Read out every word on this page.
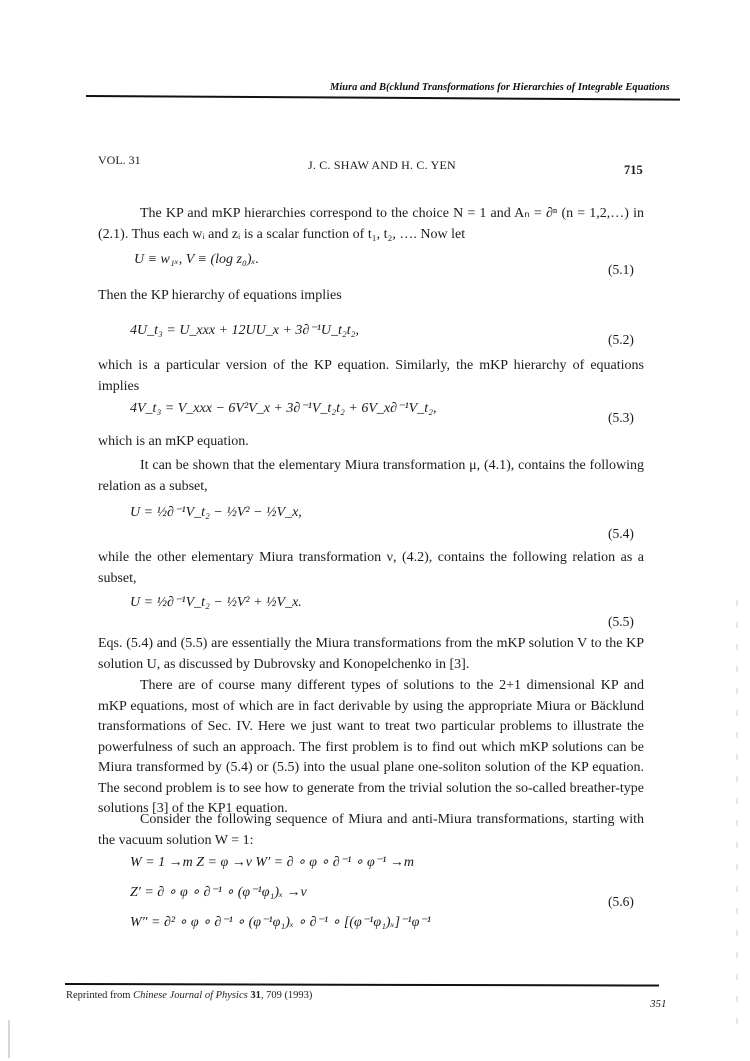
Miura and B(cklund Transformations for Hierarchies of Integrable Equations
VOL. 31	J. C. SHAW AND H. C. YEN	715
The KP and mKP hierarchies correspond to the choice N = 1 and Aₙ = ∂ⁿ (n = 1,2,…) in (2.1). Thus each wᵢ and zᵢ is a scalar function of t₁, t₂, …. Now let
U ≡ w₁ₓ, V ≡ (log z₀)ₓ.
(5.1)
Then the KP hierarchy of equations implies
4U_t₃ = U_xxx + 12UU_x + 3∂⁻¹U_t₂t₂,
(5.2)
which is a particular version of the KP equation. Similarly, the mKP hierarchy of equations implies
4V_t₃ = V_xxx − 6V²V_x + 3∂⁻¹V_t₂t₂ + 6V_x∂⁻¹V_t₂,
(5.3)
which is an mKP equation.
It can be shown that the elementary Miura transformation μ, (4.1), contains the following relation as a subset,
U = ½∂⁻¹V_t₂ − ½V² − ½V_x,
(5.4)
while the other elementary Miura transformation ν, (4.2), contains the following relation as a subset,
U = ½∂⁻¹V_t₂ − ½V² + ½V_x.
(5.5)
Eqs. (5.4) and (5.5) are essentially the Miura transformations from the mKP solution V to the KP solution U, as discussed by Dubrovsky and Konopelchenko in [3].
There are of course many different types of solutions to the 2+1 dimensional KP and mKP equations, most of which are in fact derivable by using the appropriate Miura or Bäcklund transformations of Sec. IV. Here we just want to treat two particular problems to illustrate the powerfulness of such an approach. The first problem is to find out which mKP solutions can be Miura transformed by (5.4) or (5.5) into the usual plane one-soliton solution of the KP equation. The second problem is to see how to generate from the trivial solution the so-called breather-type solutions [3] of the KP1 equation.
Consider the following sequence of Miura and anti-Miura transformations, starting with the vacuum solution W = 1:
W = 1 →m Z = φ →ν W′ = ∂ ∘ φ ∘ ∂⁻¹ ∘ φ⁻¹ →m
Z′ = ∂ ∘ φ ∘ ∂⁻¹ ∘ (φ⁻¹φ₁)ₓ →ν
W″ = ∂² ∘ φ ∘ ∂⁻¹ ∘ (φ⁻¹φ₁)ₓ ∘ ∂⁻¹ ∘ [(φ⁻¹φ₁)ₓ]⁻¹φ⁻¹
(5.6)
Reprinted from Chinese Journal of Physics 31, 709 (1993)
351
